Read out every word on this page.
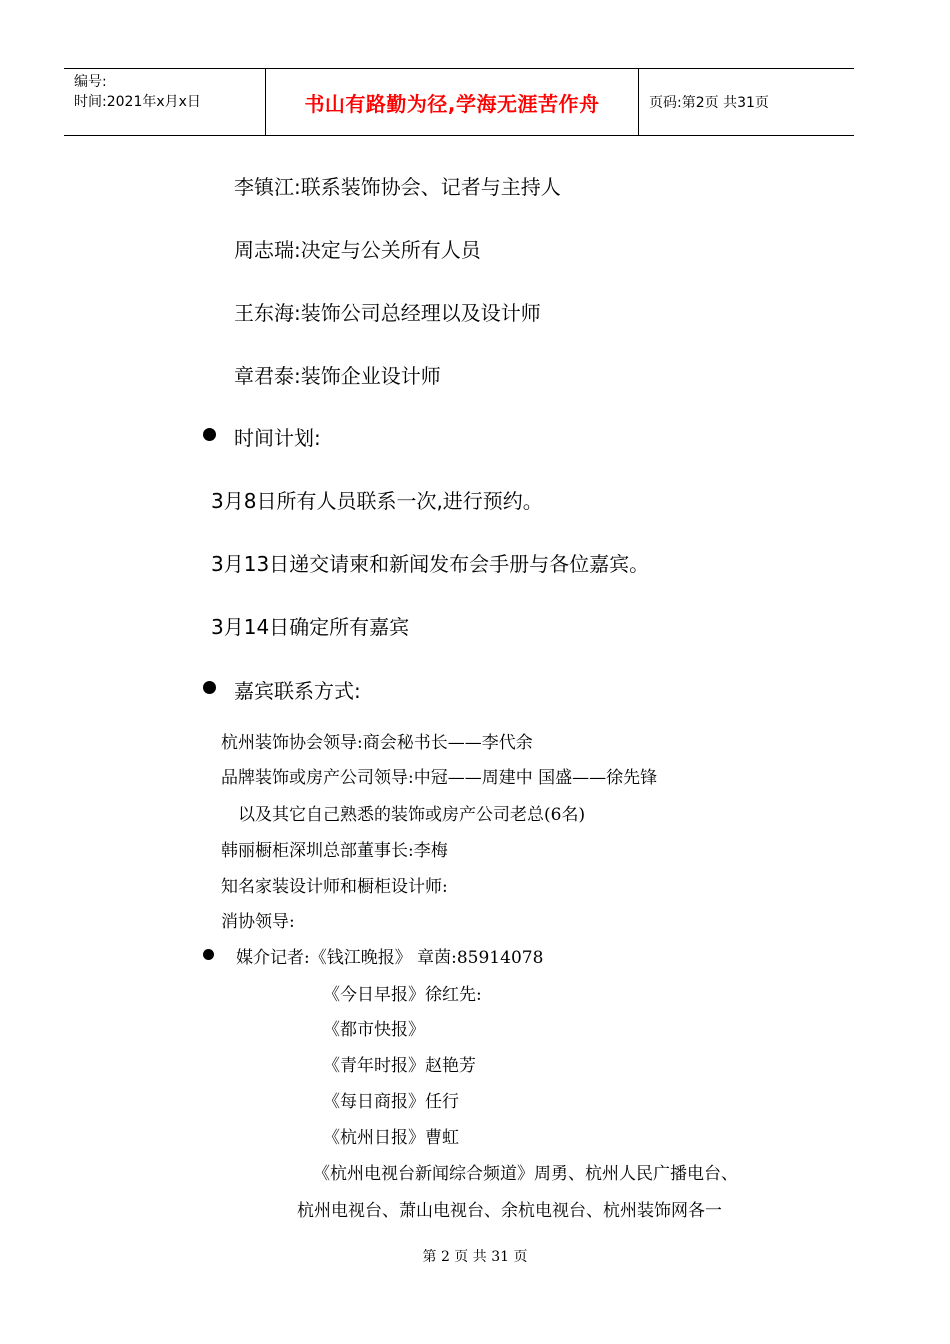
编号:
时间:2021年x月x日	书山有路勤为径,学海无涯苦作舟	页码:第2页 共31页
李镇江:联系装饰协会、记者与主持人
周志瑞:决定与公关所有人员
王东海:装饰公司总经理以及设计师
章君泰:装饰企业设计师
时间计划:
3月8日所有人员联系一次,进行预约。
3月13日递交请柬和新闻发布会手册与各位嘉宾。
3月14日确定所有嘉宾
嘉宾联系方式:
杭州装饰协会领导:商会秘书长——李代余
品牌装饰或房产公司领导:中冠——周建中 国盛——徐先锋
以及其它自己熟悉的装饰或房产公司老总(6名)
韩丽橱柜深圳总部董事长:李梅
知名家装设计师和橱柜设计师:
消协领导:
媒介记者:《钱江晚报》 章茵:85914078
《今日早报》徐红先:
《都市快报》
《青年时报》赵艳芳
《每日商报》任行
《杭州日报》曹虹
《杭州电视台新闻综合频道》周勇、杭州人民广播电台、
杭州电视台、萧山电视台、余杭电视台、杭州装饰网各一
第 2 页 共 31 页
